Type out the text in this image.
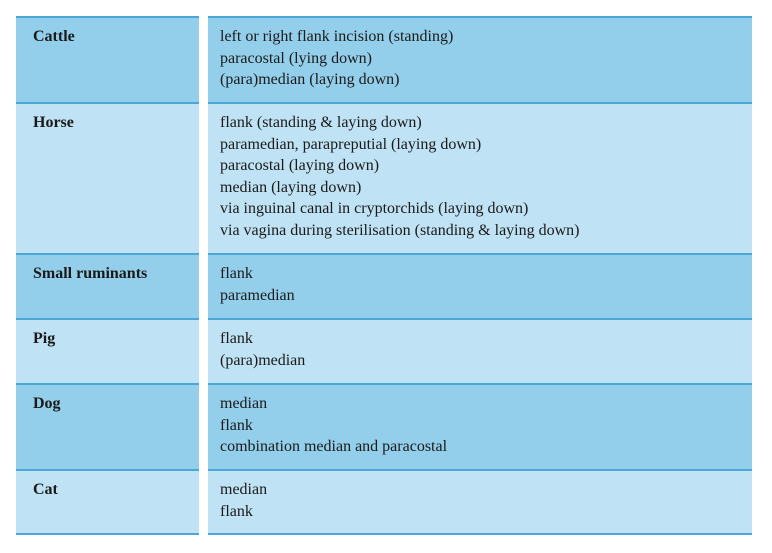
Cattle	left or right flank incision (standing)
paracostal (lying down)
(para)median (laying down)
Horse	flank (standing & laying down)
paramedian, parapreputial (laying down)
paracostal (laying down)
median (laying down)
via inguinal canal in cryptorchids (laying down)
via vagina during sterilisation (standing & laying down)
Small ruminants	flank
paramedian
Pig	flank
(para)median
Dog	median
flank
combination median and paracostal
Cat	median
flank
